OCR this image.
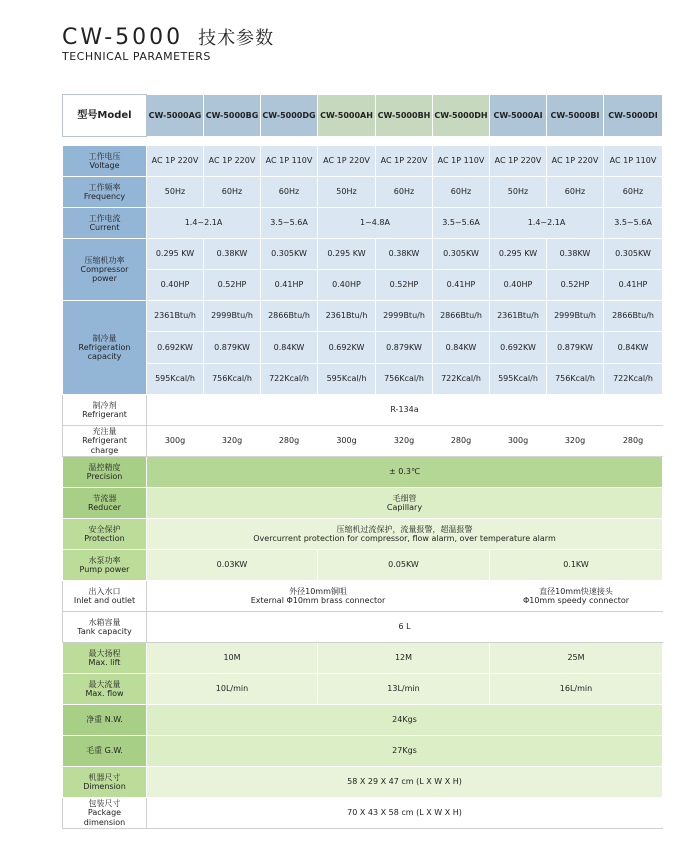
CW-5000 技术参数
TECHNICAL PARAMETERS
型号Model	CW-5000AG	CW-5000BG	CW-5000DG	CW-5000AH	CW-5000BH	CW-5000DH	CW-5000AI	CW-5000BI	CW-5000DI

工作电压
Voltage	AC 1P 220V	AC 1P 220V	AC 1P 110V	AC 1P 220V	AC 1P 220V	AC 1P 110V	AC 1P 220V	AC 1P 220V	AC 1P 110V
工作频率
Frequency	50Hz	60Hz	60Hz	50Hz	60Hz	60Hz	50Hz	60Hz	60Hz
工作电流
Current	1.4~2.1A		3.5~5.6A	1~4.8A		3.5~5.6A	1.4~2.1A		3.5~5.6A
压缩机功率
Compressor
power	0.295 KW	0.38KW	0.305KW	0.295 KW	0.38KW	0.305KW	0.295 KW	0.38KW	0.305KW
	0.40HP	0.52HP	0.41HP	0.40HP	0.52HP	0.41HP	0.40HP	0.52HP	0.41HP
制冷量
Refrigeration
capacity	2361Btu/h	2999Btu/h	2866Btu/h	2361Btu/h	2999Btu/h	2866Btu/h	2361Btu/h	2999Btu/h	2866Btu/h
	0.692KW	0.879KW	0.84KW	0.692KW	0.879KW	0.84KW	0.692KW	0.879KW	0.84KW
	595Kcal/h	756Kcal/h	722Kcal/h	595Kcal/h	756Kcal/h	722Kcal/h	595Kcal/h	756Kcal/h	722Kcal/h
制冷剂
Refrigerant	R-134a								
充注量
Refrigerant
charge	300g	320g	280g	300g	320g	280g	300g	320g	280g
温控精度
Precision	± 0.3℃								
节流器
Reducer	毛细管
Capillary								
安全保护
Protection	压缩机过流保护，流量报警，超温报警
Overcurrent protection for compressor, flow alarm, over temperature alarm								
水泵功率
Pump power	0.03KW			0.05KW			0.1KW		
出入水口
Inlet and outlet	外径10mm铜咀
External Φ10mm brass connector						直径10mm快速接头
Φ10mm speedy connector		
水箱容量
Tank capacity	6 L								
最大扬程
Max. lift	10M			12M			25M		
最大流量
Max. flow	10L/min			13L/min			16L/min		
净重 N.W.	24Kgs								
毛重 G.W.	27Kgs								
机器尺寸
Dimension	58 X 29 X 47 cm (L X W X H)								
包装尺寸
Package
dimension	70 X 43 X 58 cm (L X W X H)								
